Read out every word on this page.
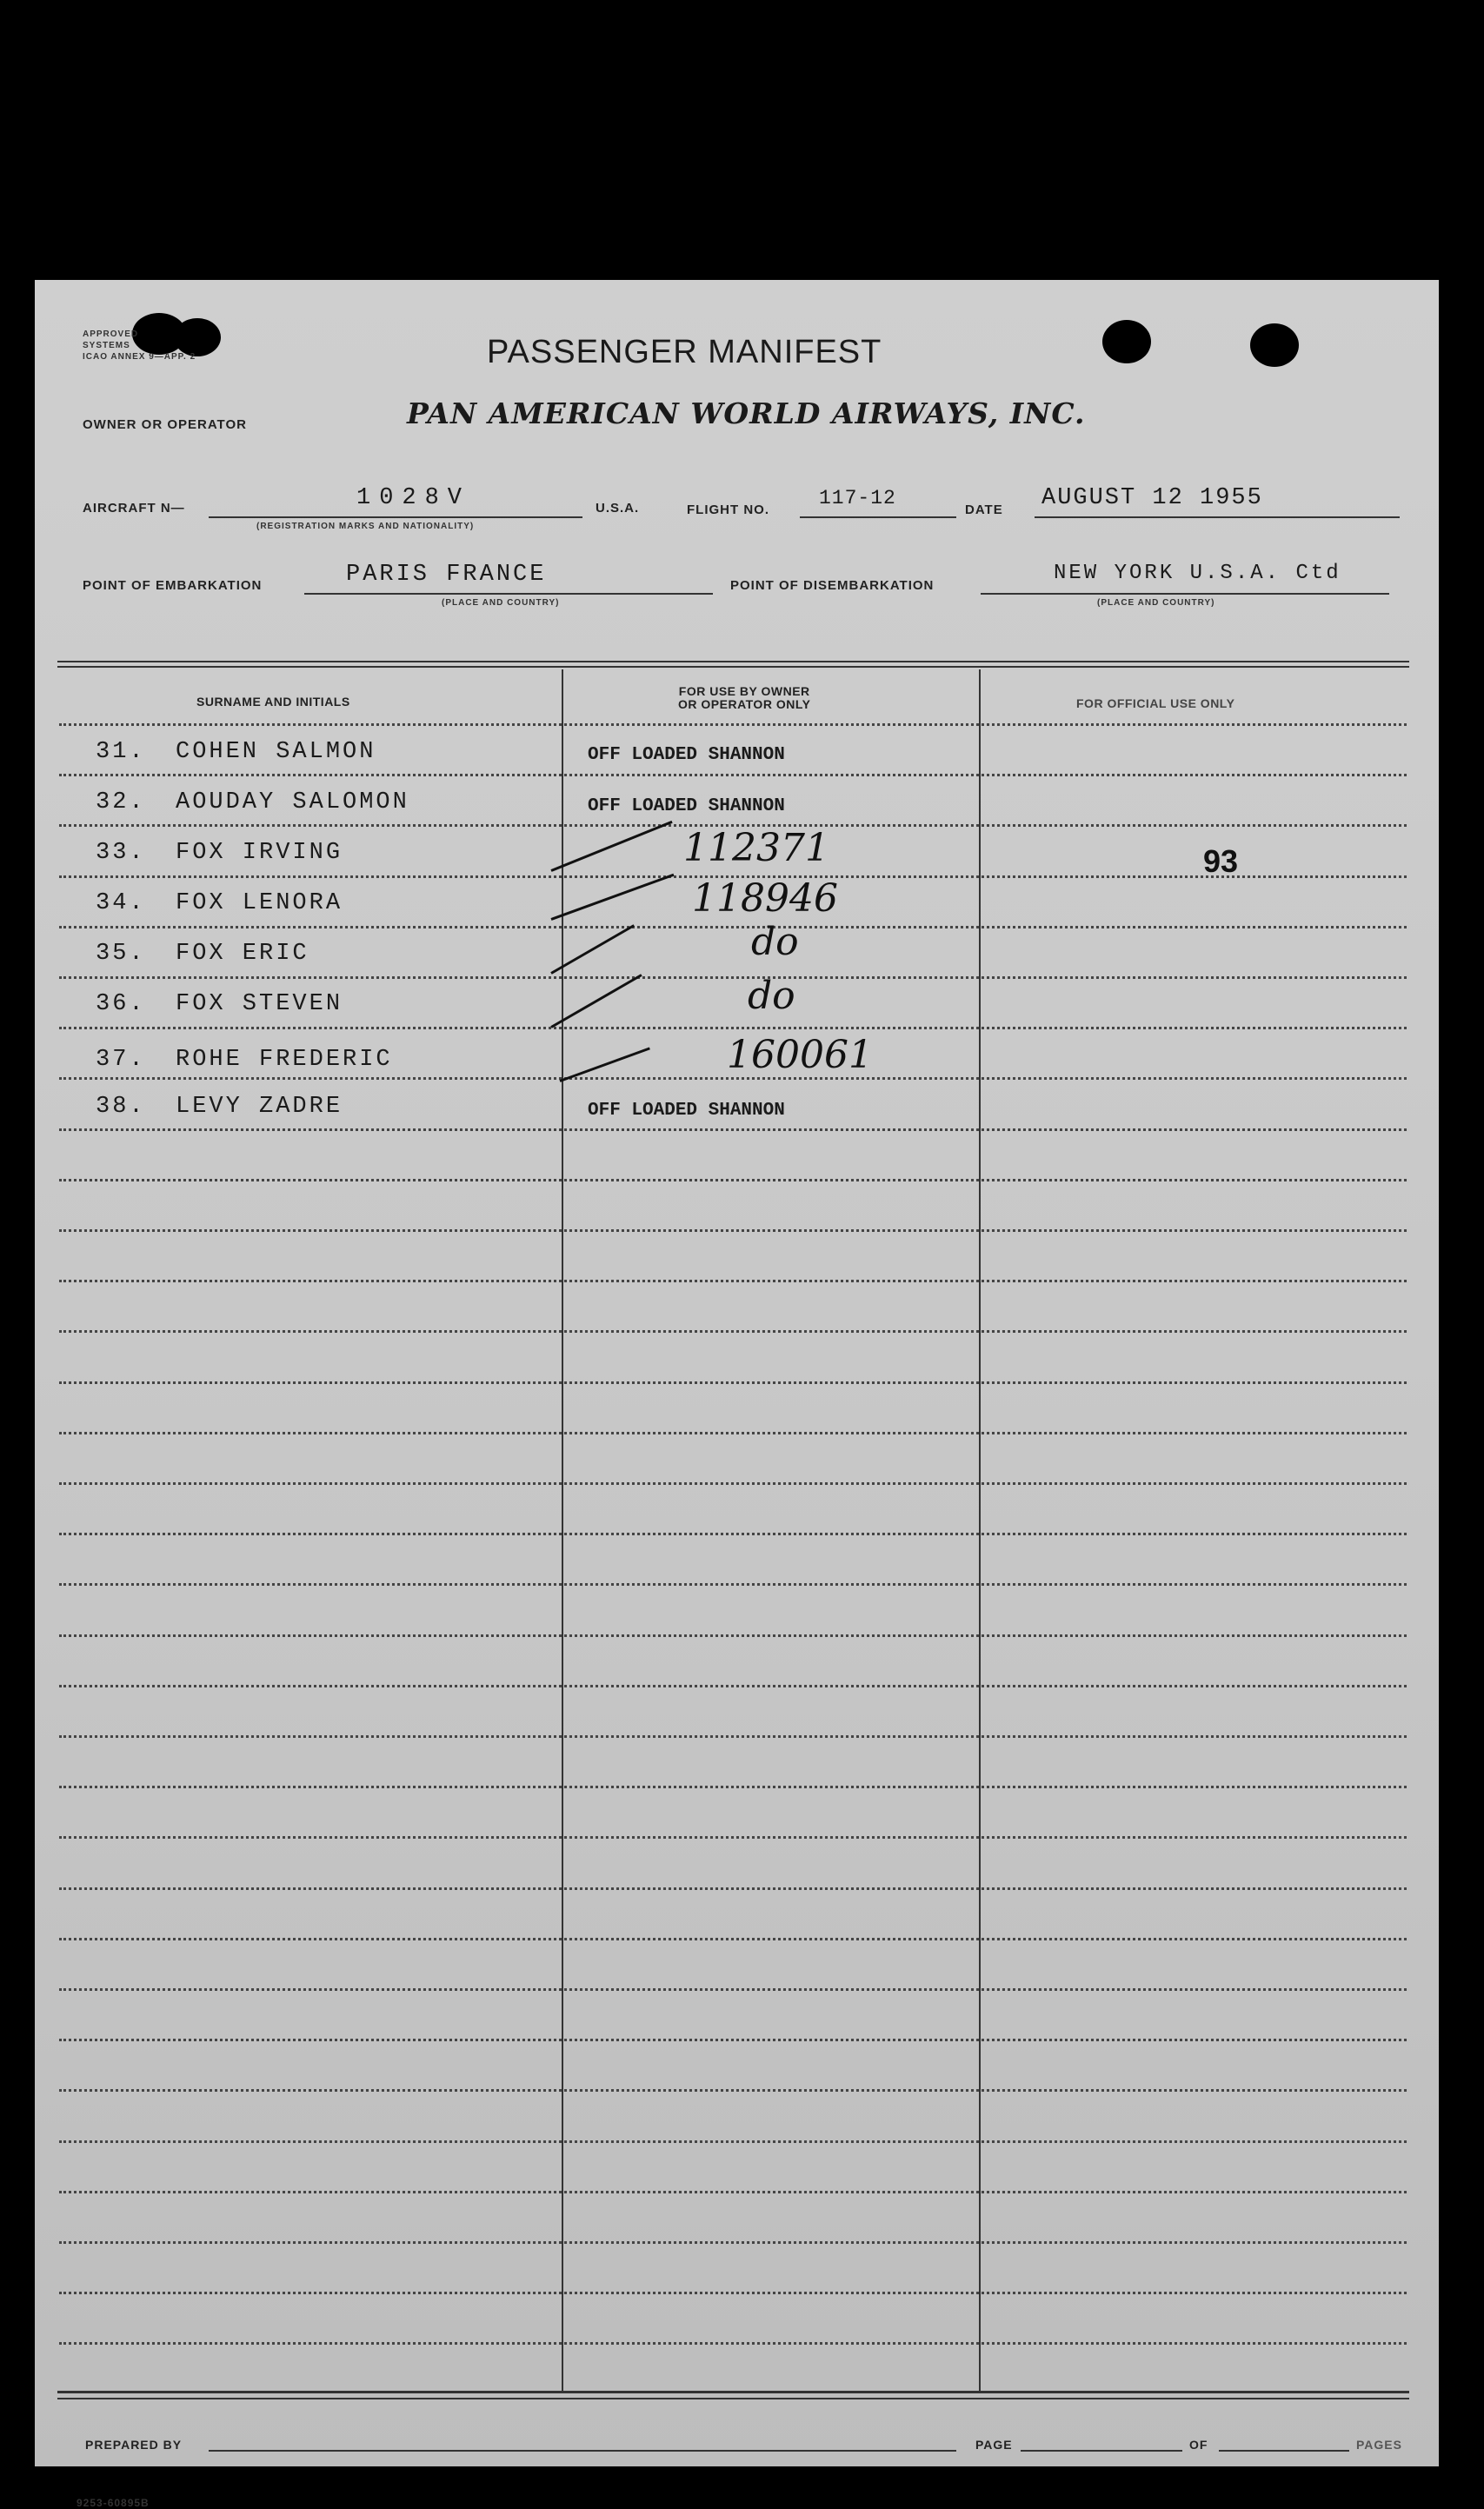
APPROVED
SYSTEMS
ICAO ANNEX 9—APP. 2	PASSENGER MANIFEST
OWNER OR OPERATOR	PAN AMERICAN WORLD AIRWAYS, INC.
AIRCRAFT N—	1028V
(REGISTRATION MARKS AND NATIONALITY)
U.S.A.	FLIGHT NO.
117-12
DATE AUGUST 12 1955
POINT OF EMBARKATION	PARIS FRANCE
(PLACE AND COUNTRY)
POINT OF DISEMBARKATION
NEW YORK U.S.A. Ctd
(PLACE AND COUNTRY)
SURNAME AND INITIALS
FOR USE BY OWNER
OR OPERATOR ONLY	FOR OFFICIAL USE ONLY
31. COHEN SALMON	OFF LOADED SHANNON
32. AOUDAY SALOMON	OFF LOADED SHANNON
33. FOX IRVING	112371	93
34. FOX LENORA	118946
35. FOX ERIC	do
36. FOX STEVEN	do
37. ROHE FREDERIC	160061
38. LEVY ZADRE	OFF LOADED SHANNON
PREPARED BY	PAGE	OF	PAGES
9253-60895B
